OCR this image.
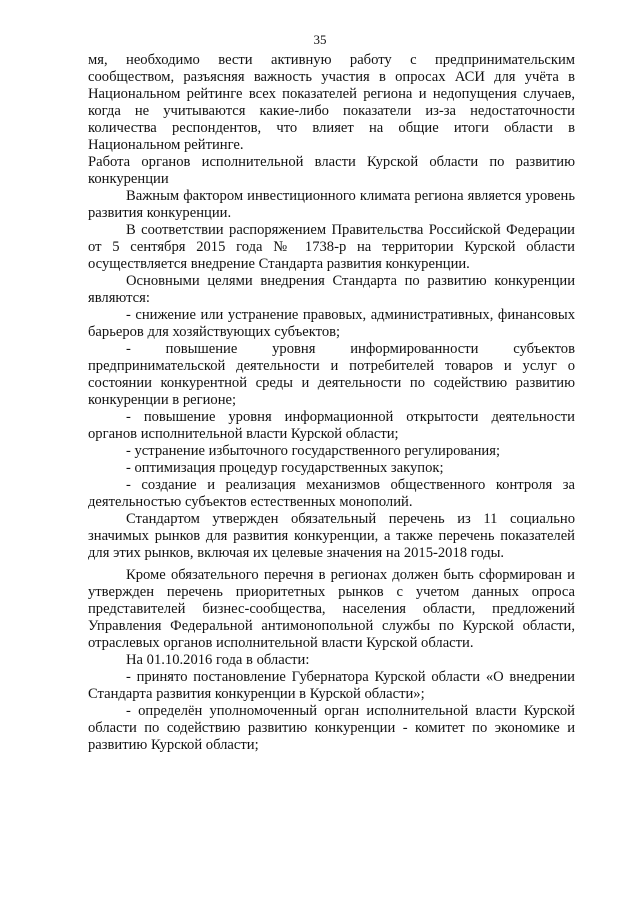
35

мя, необходимо вести активную работу с предпринимательским сообществом, разъясняя важность участия в опросах АСИ для учёта в Национальном рейтинге всех показателей региона и недопущения случаев, когда не учитываются какие-либо показатели из-за недостаточности количества респондентов, что влияет на общие итоги области в Национальном рейтинге.

Работа органов исполнительной власти Курской области по развитию конкуренции

Важным фактором инвестиционного климата региона является уровень развития конкуренции.

В соответствии распоряжением Правительства Российской Федерации от 5 сентября 2015 года № 1738-р на территории Курской области осуществляется внедрение Стандарта развития конкуренции.

Основными целями внедрения Стандарта по развитию конкуренции являются:

- снижение или устранение правовых, административных, финансовых барьеров для хозяйствующих субъектов;

- повышение уровня информированности субъектов предпринимательской деятельности и потребителей товаров и услуг о состоянии конкурентной среды и деятельности по содействию развитию конкуренции в регионе;

- повышение уровня информационной открытости деятельности органов исполнительной власти Курской области;

- устранение избыточного государственного регулирования;

- оптимизация процедур государственных закупок;

- создание и реализация механизмов общественного контроля за деятельностью субъектов естественных монополий.

Стандартом утвержден обязательный перечень из 11 социально значимых рынков для развития конкуренции, а также перечень показателей для этих рынков, включая их целевые значения на 2015-2018 годы.

Кроме обязательного перечня в регионах должен быть сформирован и утвержден перечень приоритетных рынков с учетом данных опроса представителей бизнес-сообщества, населения области, предложений Управления Федеральной антимонопольной службы по Курской области, отраслевых органов исполнительной власти Курской области.

На 01.10.2016 года в области:

- принято постановление Губернатора Курской области «О внедрении Стандарта развития конкуренции в Курской области»;

- определён уполномоченный орган исполнительной власти Курской области по содействию развитию конкуренции - комитет по экономике и развитию Курской области;
